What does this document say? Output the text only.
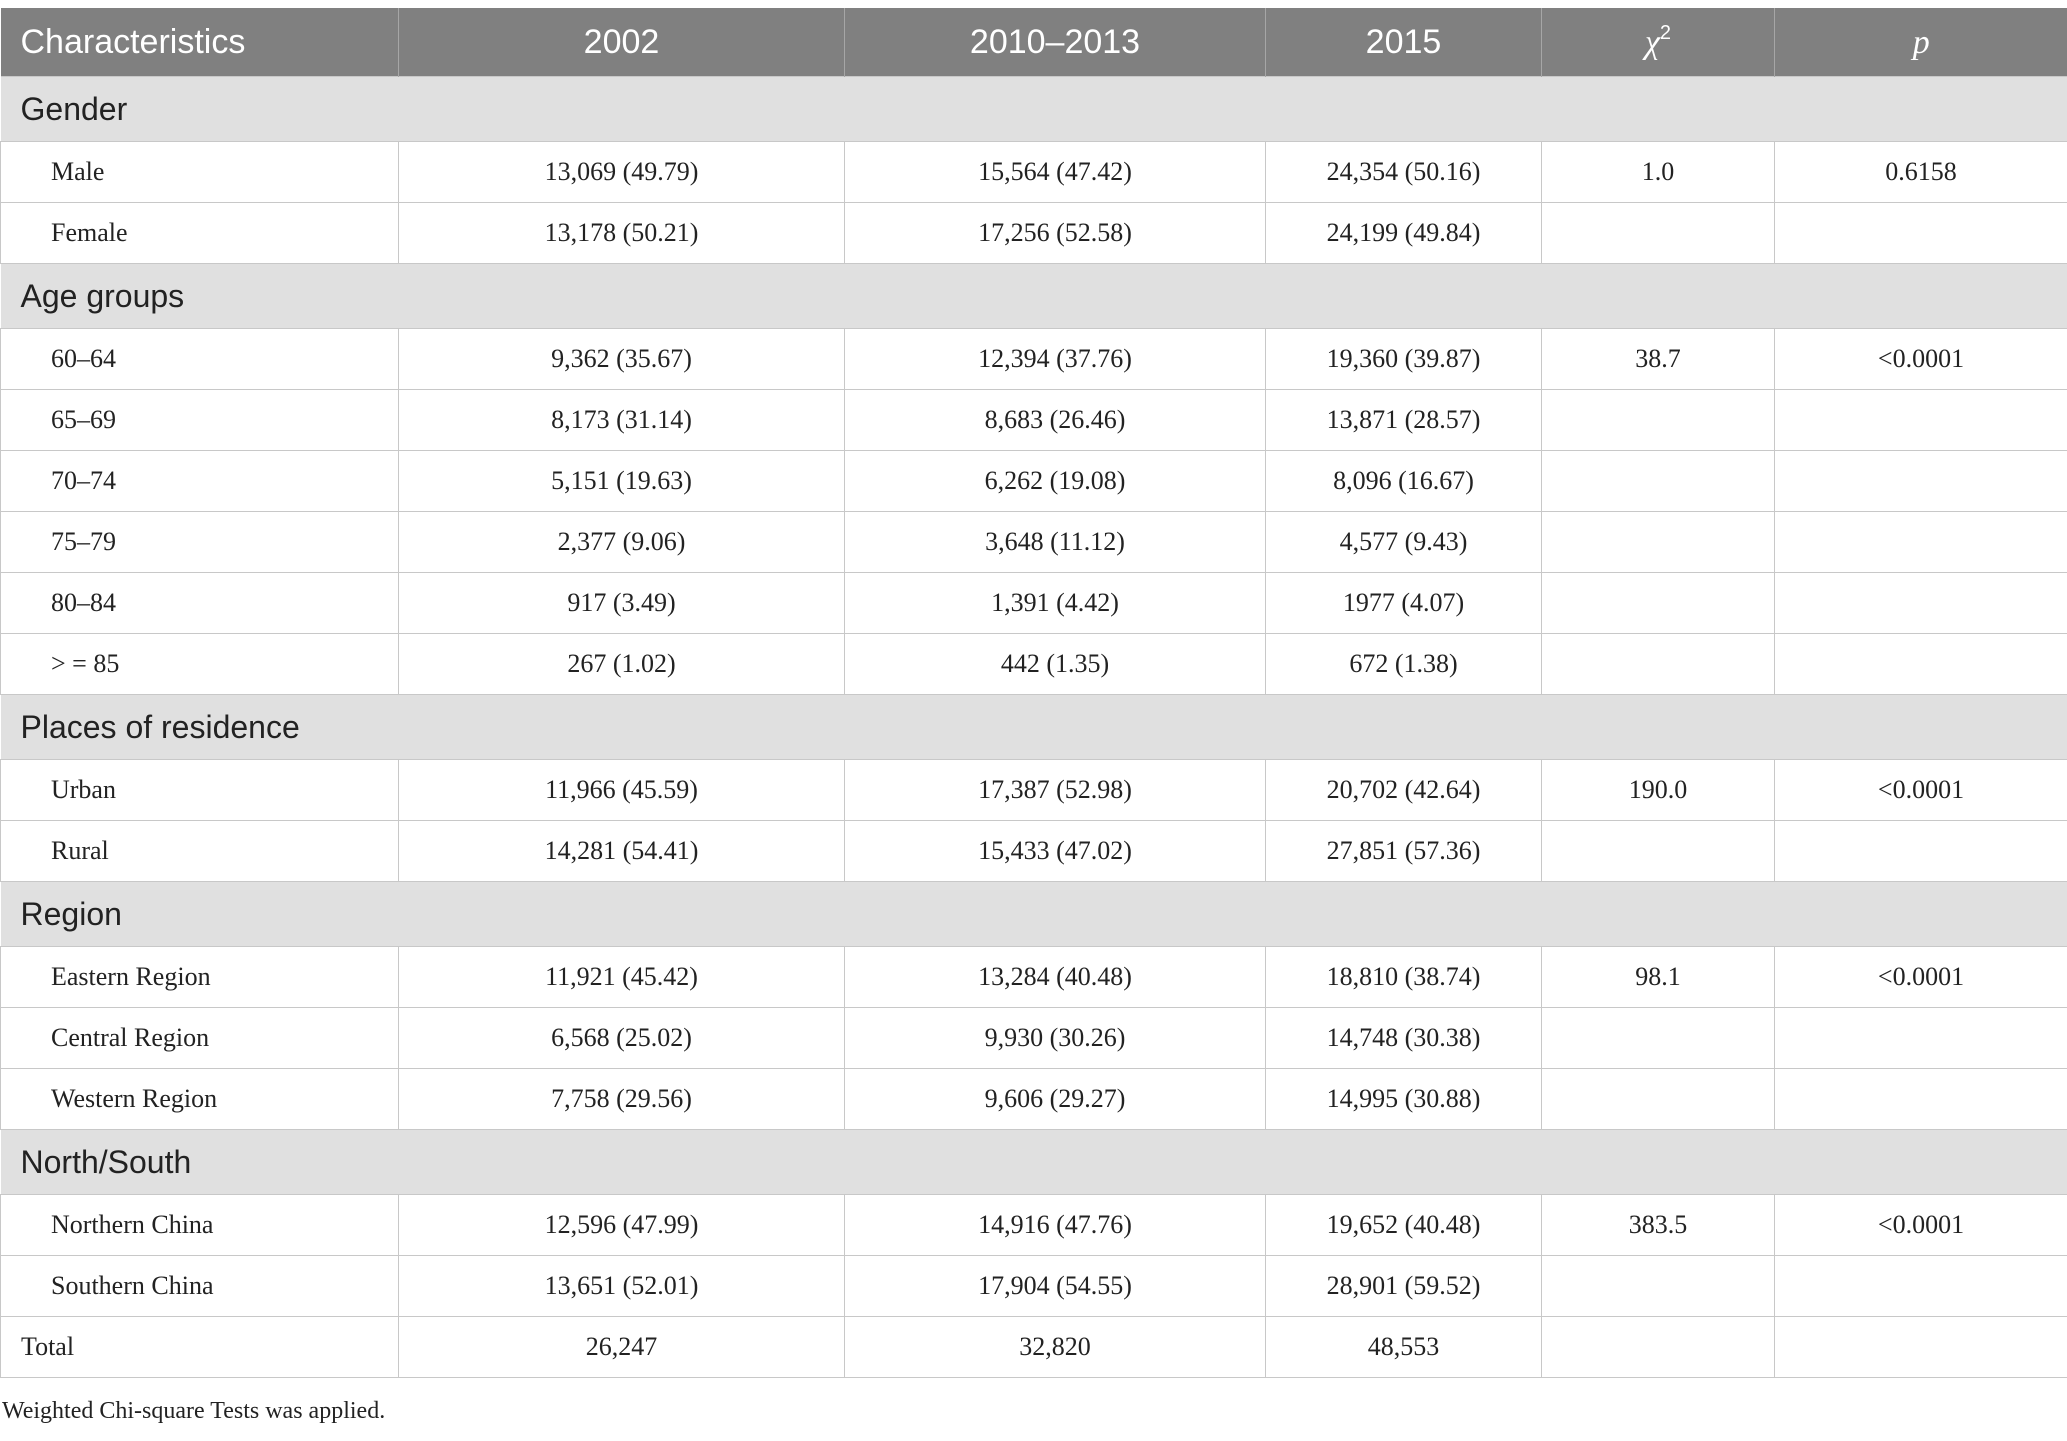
Characteristics	2002	2010–2013	2015	$\chi^2$	p
Gender					
Male	13,069 (49.79)	15,564 (47.42)	24,354 (50.16)	1.0	0.6158
Female	13,178 (50.21)	17,256 (52.58)	24,199 (49.84)		
Age groups					
60–64	9,362 (35.67)	12,394 (37.76)	19,360 (39.87)	38.7	<0.0001
65–69	8,173 (31.14)	8,683 (26.46)	13,871 (28.57)		
70–74	5,151 (19.63)	6,262 (19.08)	8,096 (16.67)		
75–79	2,377 (9.06)	3,648 (11.12)	4,577 (9.43)		
80–84	917 (3.49)	1,391 (4.42)	1977 (4.07)		
> = 85	267 (1.02)	442 (1.35)	672 (1.38)		
Places of residence					
Urban	11,966 (45.59)	17,387 (52.98)	20,702 (42.64)	190.0	<0.0001
Rural	14,281 (54.41)	15,433 (47.02)	27,851 (57.36)		
Region					
Eastern Region	11,921 (45.42)	13,284 (40.48)	18,810 (38.74)	98.1	<0.0001
Central Region	6,568 (25.02)	9,930 (30.26)	14,748 (30.38)		
Western Region	7,758 (29.56)	9,606 (29.27)	14,995 (30.88)		
North/South					
Northern China	12,596 (47.99)	14,916 (47.76)	19,652 (40.48)	383.5	<0.0001
Southern China	13,651 (52.01)	17,904 (54.55)	28,901 (59.52)		
Total	26,247	32,820	48,553		
Weighted Chi-square Tests was applied.
